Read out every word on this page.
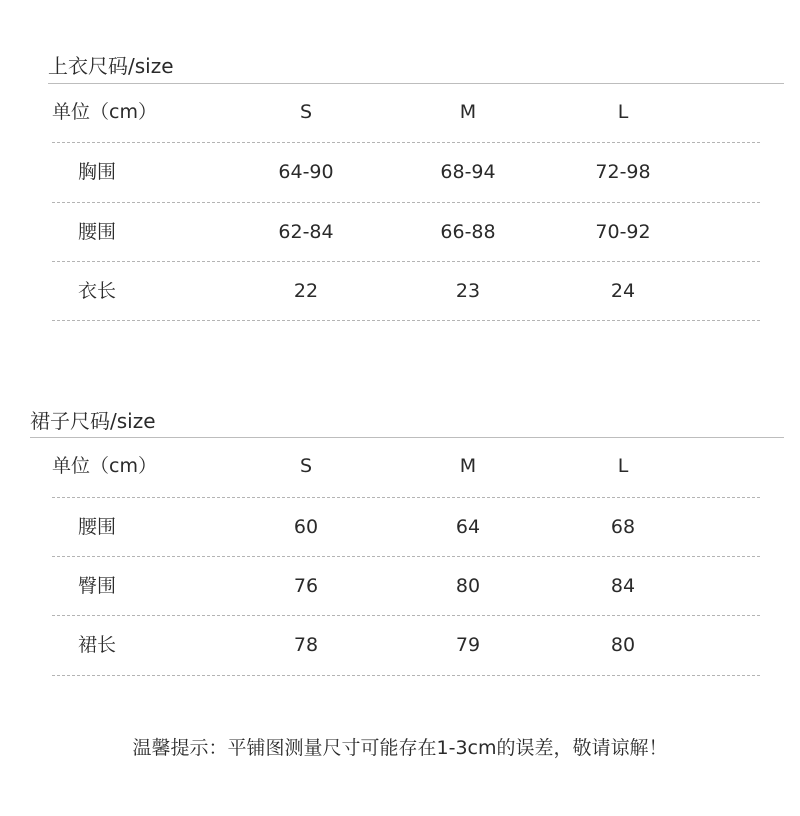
上衣尺码/size
单位（cm）	S	M	L
胸围	64-90	68-94	72-98
腰围	62-84	66-88	70-92
衣长	22	23	24
裙子尺码/size
单位（cm）	S	M	L
腰围	60	64	68
臀围	76	80	84
裙长	78	79	80
温馨提示：平铺图测量尺寸可能存在1-3cm的误差，敬请谅解！
